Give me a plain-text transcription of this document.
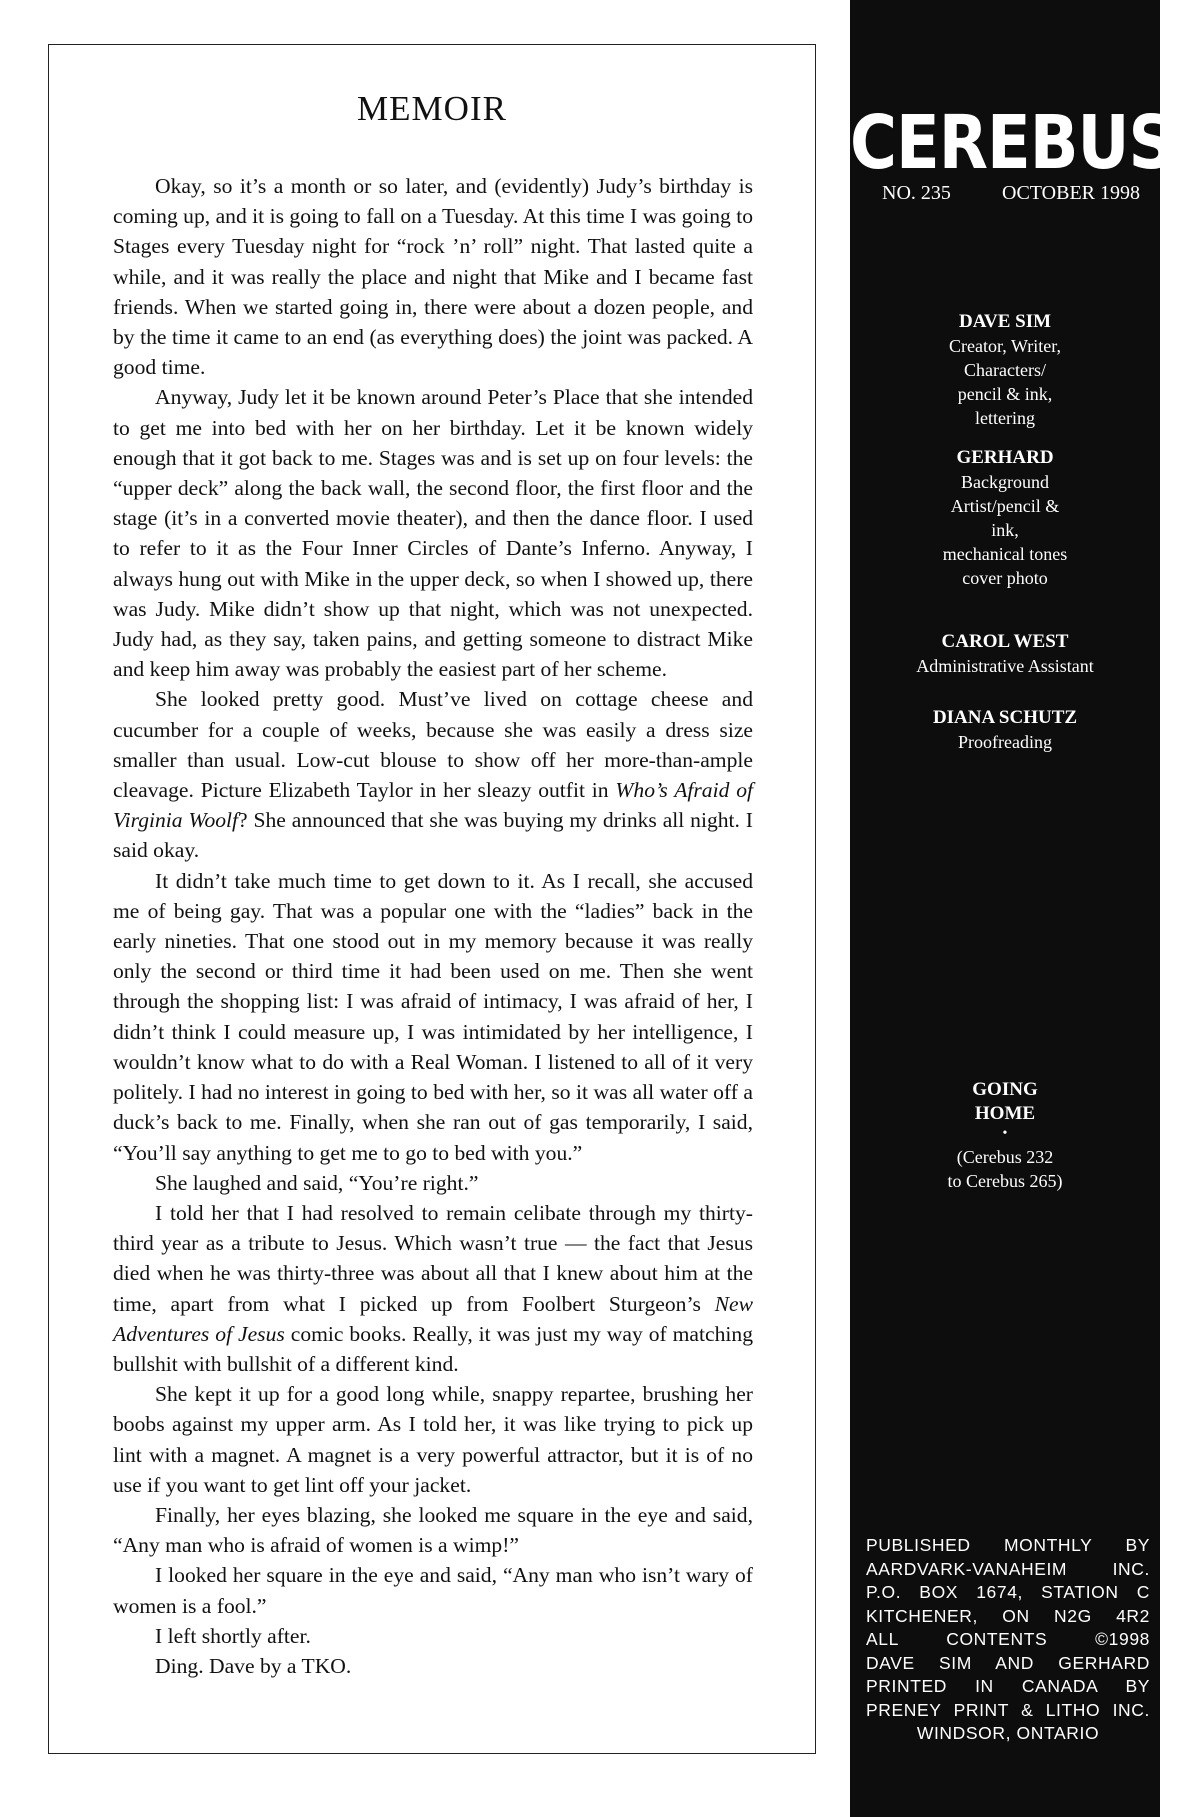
MEMOIR

Okay, so it’s a month or so later, and (evidently) Judy’s birthday is coming up, and it is going to fall on a Tuesday. At this time I was going to Stages every Tuesday night for “rock ’n’ roll” night. That lasted quite a while, and it was really the place and night that Mike and I became fast friends. When we started going in, there were about a dozen people, and by the time it came to an end (as everything does) the joint was packed. A good time.

Anyway, Judy let it be known around Peter’s Place that she intended to get me into bed with her on her birthday. Let it be known widely enough that it got back to me. Stages was and is set up on four levels: the “upper deck” along the back wall, the second floor, the first floor and the stage (it’s in a converted movie theater), and then the dance floor. I used to refer to it as the Four Inner Circles of Dante’s Inferno. Anyway, I always hung out with Mike in the upper deck, so when I showed up, there was Judy. Mike didn’t show up that night, which was not unexpected. Judy had, as they say, taken pains, and getting someone to distract Mike and keep him away was probably the easiest part of her scheme.

She looked pretty good. Must’ve lived on cottage cheese and cucumber for a couple of weeks, because she was easily a dress size smaller than usual. Low-cut blouse to show off her more-than-ample cleavage. Picture Elizabeth Taylor in her sleazy outfit in Who’s Afraid of Virginia Woolf? She announced that she was buying my drinks all night. I said okay.

It didn’t take much time to get down to it. As I recall, she accused me of being gay. That was a popular one with the “ladies” back in the early nineties. That one stood out in my memory because it was really only the second or third time it had been used on me. Then she went through the shopping list: I was afraid of intimacy, I was afraid of her, I didn’t think I could measure up, I was intimidated by her intelligence, I wouldn’t know what to do with a Real Woman. I listened to all of it very politely. I had no interest in going to bed with her, so it was all water off a duck’s back to me. Finally, when she ran out of gas temporarily, I said, “You’ll say anything to get me to go to bed with you.”

She laughed and said, “You’re right.”

I told her that I had resolved to remain celibate through my thirty-third year as a tribute to Jesus. Which wasn’t true — the fact that Jesus died when he was thirty-three was about all that I knew about him at the time, apart from what I picked up from Foolbert Sturgeon’s New Adventures of Jesus comic books. Really, it was just my way of matching bullshit with bullshit of a different kind.

She kept it up for a good long while, snappy repartee, brushing her boobs against my upper arm. As I told her, it was like trying to pick up lint with a magnet. A magnet is a very powerful attractor, but it is of no use if you want to get lint off your jacket.

Finally, her eyes blazing, she looked me square in the eye and said, “Any man who is afraid of women is a wimp!”

I looked her square in the eye and said, “Any man who isn’t wary of women is a fool.”

I left shortly after.

Ding. Dave by a TKO.

CEREBUS
NO. 235	OCTOBER 1998
DAVE SIM
Creator, Writer,
Characters/
pencil & ink,
lettering
GERHARD
Background
Artist/pencil &
ink,
mechanical tones
cover photo
CAROL WEST
Administrative Assistant
DIANA SCHUTZ
Proofreading
GOING
HOME
•
(Cerebus 232
to Cerebus 265)
PUBLISHED MONTHLY BY
AARDVARK-VANAHEIM INC.
P.O. BOX 1674, STATION C
KITCHENER, ON N2G 4R2
ALL CONTENTS ©1998
DAVE SIM AND GERHARD
PRINTED IN CANADA BY
PRENEY PRINT & LITHO INC.
WINDSOR, ONTARIO
